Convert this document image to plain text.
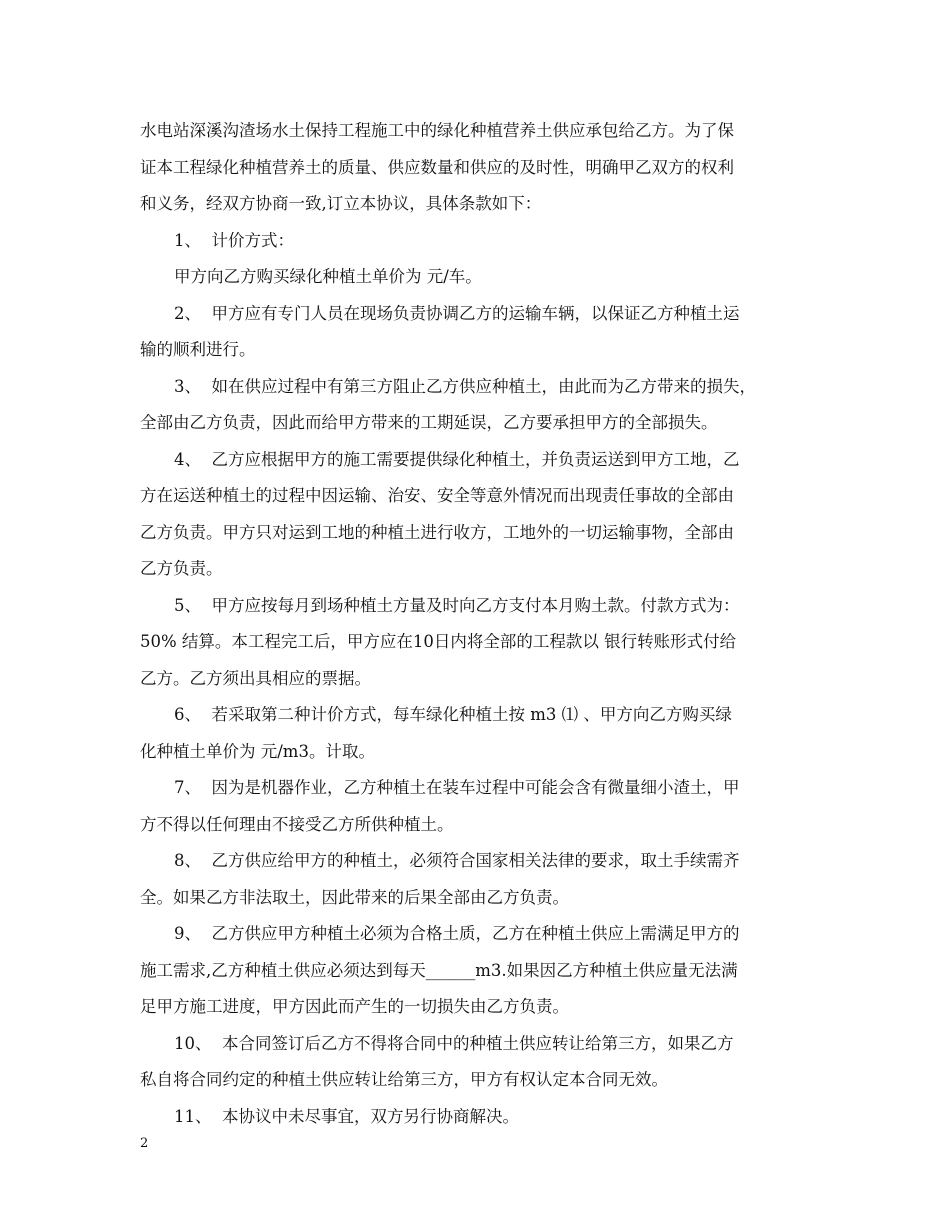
水电站深溪沟渣场水土保持工程施工中的绿化种植营养土供应承包给乙方。为了保
证本工程绿化种植营养土的质量、供应数量和供应的及时性，明确甲乙双方的权利
和义务，经双方协商一致,订立本协议，具体条款如下：
1、  计价方式：
甲方向乙方购买绿化种植土单价为 元/车。
2、  甲方应有专门人员在现场负责协调乙方的运输车辆，以保证乙方种植土运
输的顺利进行。
3、  如在供应过程中有第三方阻止乙方供应种植土，由此而为乙方带来的损失，
全部由乙方负责，因此而给甲方带来的工期延误，乙方要承担甲方的全部损失。
4、  乙方应根据甲方的施工需要提供绿化种植土，并负责运送到甲方工地，乙
方在运送种植土的过程中因运输、治安、安全等意外情况而出现责任事故的全部由
乙方负责。甲方只对运到工地的种植土进行收方，工地外的一切运输事物，全部由
乙方负责。
5、  甲方应按每月到场种植土方量及时向乙方支付本月购土款。付款方式为：
50% 结算。本工程完工后，甲方应在10日内将全部的工程款以 银行转账形式付给
乙方。乙方须出具相应的票据。
6、  若采取第二种计价方式，每车绿化种植土按 m3 ⑴ 、甲方向乙方购买绿
化种植土单价为 元/m3。计取。
7、  因为是机器作业，乙方种植土在装车过程中可能会含有微量细小渣土，甲
方不得以任何理由不接受乙方所供种植土。
8、  乙方供应给甲方的种植土，必须符合国家相关法律的要求，取土手续需齐
全。如果乙方非法取土，因此带来的后果全部由乙方负责。
9、  乙方供应甲方种植土必须为合格土质，乙方在种植土供应上需满足甲方的
施工需求,乙方种植土供应必须达到每天______m3.如果因乙方种植土供应量无法满
足甲方施工进度，甲方因此而产生的一切损失由乙方负责。
10、  本合同签订后乙方不得将合同中的种植土供应转让给第三方，如果乙方
私自将合同约定的种植土供应转让给第三方，甲方有权认定本合同无效。
11、  本协议中未尽事宜，双方另行协商解决。
2
